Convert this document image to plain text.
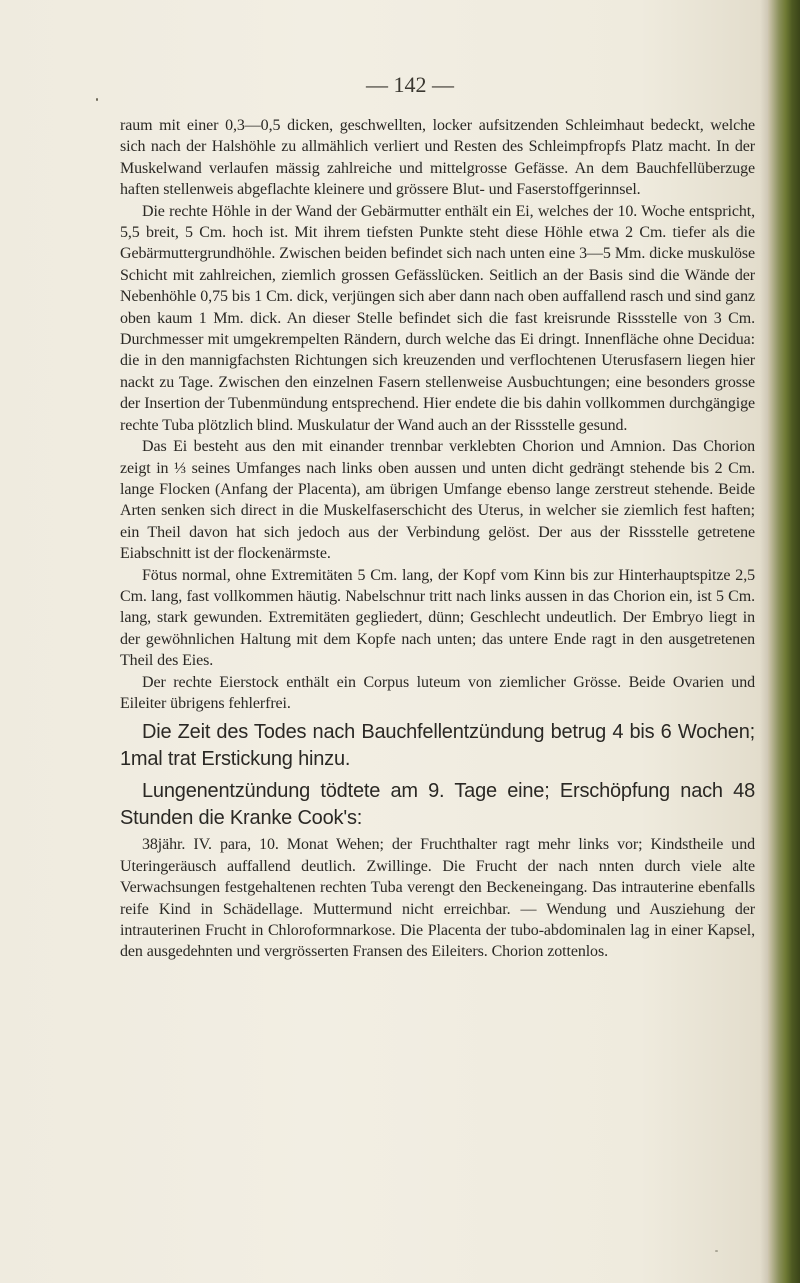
— 142 —

raum mit einer 0,3—0,5 dicken, geschwellten, locker aufsitzenden Schleimhaut bedeckt, welche sich nach der Halshöhle zu allmählich verliert und Resten des Schleimpfropfs Platz macht. In der Muskelwand verlaufen mässig zahlreiche und mittelgrosse Gefässe. An dem Bauchfellüberzuge haften stellenweis abgeflachte kleinere und grössere Blut- und Faserstoffgerinnsel.

Die rechte Höhle in der Wand der Gebärmutter enthält ein Ei, welches der 10. Woche entspricht, 5,5 breit, 5 Cm. hoch ist. Mit ihrem tiefsten Punkte steht diese Höhle etwa 2 Cm. tiefer als die Gebärmuttergrundhöhle. Zwischen beiden befindet sich nach unten eine 3—5 Mm. dicke muskulöse Schicht mit zahlreichen, ziemlich grossen Gefässlücken. Seitlich an der Basis sind die Wände der Nebenhöhle 0,75 bis 1 Cm. dick, verjüngen sich aber dann nach oben auffallend rasch und sind ganz oben kaum 1 Mm. dick. An dieser Stelle befindet sich die fast kreisrunde Rissstelle von 3 Cm. Durchmesser mit umgekrempelten Rändern, durch welche das Ei dringt. Innenfläche ohne Decidua: die in den mannigfachsten Richtungen sich kreuzenden und verflochtenen Uterusfasern liegen hier nackt zu Tage. Zwischen den einzelnen Fasern stellenweise Ausbuchtungen; eine besonders grosse der Insertion der Tubenmündung entsprechend. Hier endete die bis dahin vollkommen durchgängige rechte Tuba plötzlich blind. Muskulatur der Wand auch an der Rissstelle gesund.

Das Ei besteht aus den mit einander trennbar verklebten Chorion und Amnion. Das Chorion zeigt in ⅓ seines Umfanges nach links oben aussen und unten dicht gedrängt stehende bis 2 Cm. lange Flocken (Anfang der Placenta), am übrigen Umfange ebenso lange zerstreut stehende. Beide Arten senken sich direct in die Muskelfaserschicht des Uterus, in welcher sie ziemlich fest haften; ein Theil davon hat sich jedoch aus der Verbindung gelöst. Der aus der Rissstelle getretene Eiabschnitt ist der flockenärmste.

Fötus normal, ohne Extremitäten 5 Cm. lang, der Kopf vom Kinn bis zur Hinterhauptspitze 2,5 Cm. lang, fast vollkommen häutig. Nabelschnur tritt nach links aussen in das Chorion ein, ist 5 Cm. lang, stark gewunden. Extremitäten gegliedert, dünn; Geschlecht undeutlich. Der Embryo liegt in der gewöhnlichen Haltung mit dem Kopfe nach unten; das untere Ende ragt in den ausgetretenen Theil des Eies.

Der rechte Eierstock enthält ein Corpus luteum von ziemlicher Grösse. Beide Ovarien und Eileiter übrigens fehlerfrei.

Die Zeit des Todes nach Bauchfellentzündung betrug 4 bis 6 Wochen; 1mal trat Erstickung hinzu.
Lungenentzündung tödtete am 9. Tage eine; Erschöpfung nach 48 Stunden die Kranke Cook's:

38jähr. IV. para, 10. Monat Wehen; der Fruchthalter ragt mehr links vor; Kindstheile und Uteringeräusch auffallend deutlich. Zwillinge. Die Frucht der nach nnten durch viele alte Verwachsungen festgehaltenen rechten Tuba verengt den Beckeneingang. Das intrauterine ebenfalls reife Kind in Schädellage. Muttermund nicht erreichbar. — Wendung und Ausziehung der intrauterinen Frucht in Chloroformnarkose. Die Placenta der tubo-abdominalen lag in einer Kapsel, den ausgedehnten und vergrösserten Fransen des Eileiters. Chorion zottenlos.
